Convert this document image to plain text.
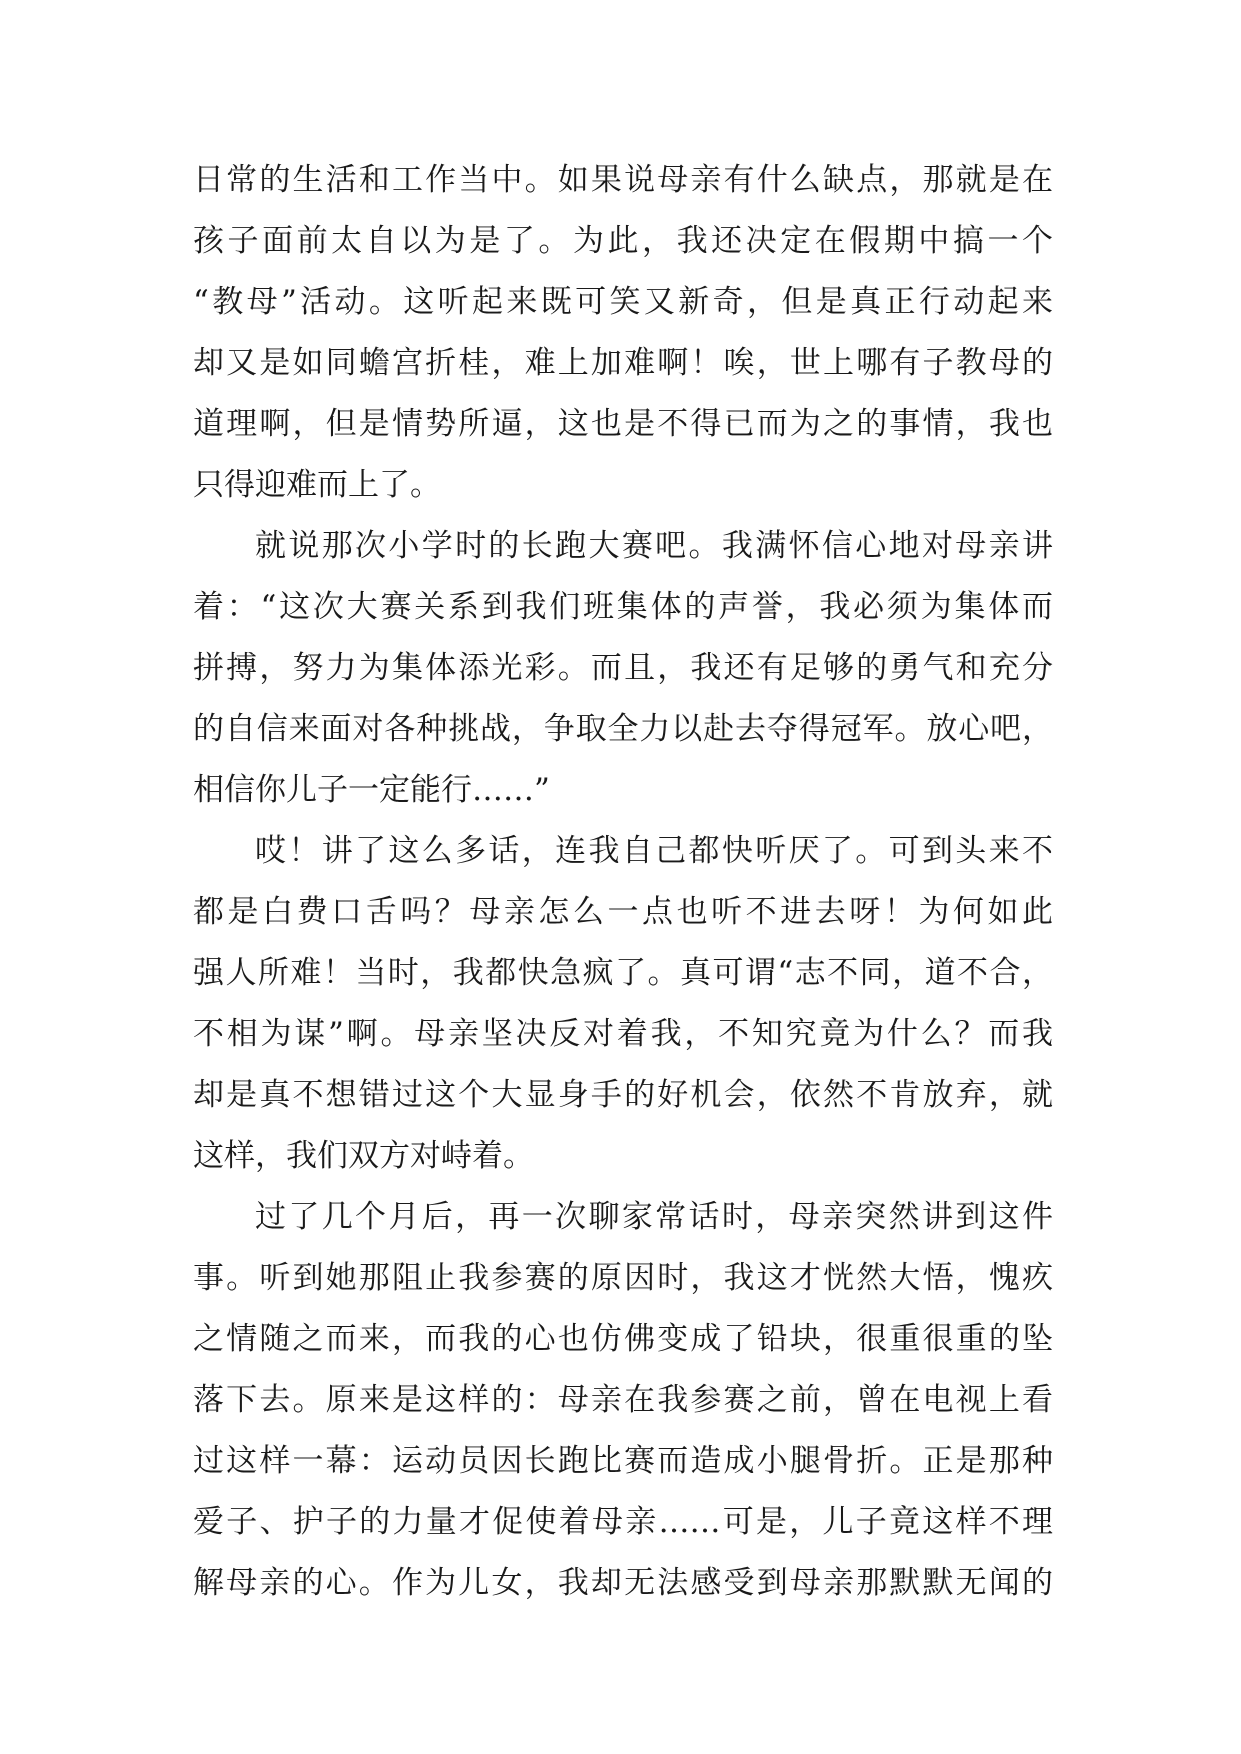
日常的生活和工作当中。如果说母亲有什么缺点，那就是在
孩子面前太自以为是了。为此，我还决定在假期中搞一个
“教母”活动。这听起来既可笑又新奇，但是真正行动起来
却又是如同蟾宫折桂，难上加难啊！唉，世上哪有子教母的
道理啊，但是情势所逼，这也是不得已而为之的事情，我也
只得迎难而上了。
就说那次小学时的长跑大赛吧。我满怀信心地对母亲讲
着：“这次大赛关系到我们班集体的声誉，我必须为集体而
拼搏，努力为集体添光彩。而且，我还有足够的勇气和充分
的自信来面对各种挑战，争取全力以赴去夺得冠军。放心吧，
相信你儿子一定能行……”
哎！讲了这么多话，连我自己都快听厌了。可到头来不
都是白费口舌吗？母亲怎么一点也听不进去呀！为何如此
强人所难！当时，我都快急疯了。真可谓“志不同，道不合，
不相为谋”啊。母亲坚决反对着我，不知究竟为什么？而我
却是真不想错过这个大显身手的好机会，依然不肯放弃，就
这样，我们双方对峙着。
过了几个月后，再一次聊家常话时，母亲突然讲到这件
事。听到她那阻止我参赛的原因时，我这才恍然大悟，愧疚
之情随之而来，而我的心也仿佛变成了铅块，很重很重的坠
落下去。原来是这样的：母亲在我参赛之前，曾在电视上看
过这样一幕：运动员因长跑比赛而造成小腿骨折。正是那种
爱子、护子的力量才促使着母亲……可是，儿子竟这样不理
解母亲的心。作为儿女，我却无法感受到母亲那默默无闻的
